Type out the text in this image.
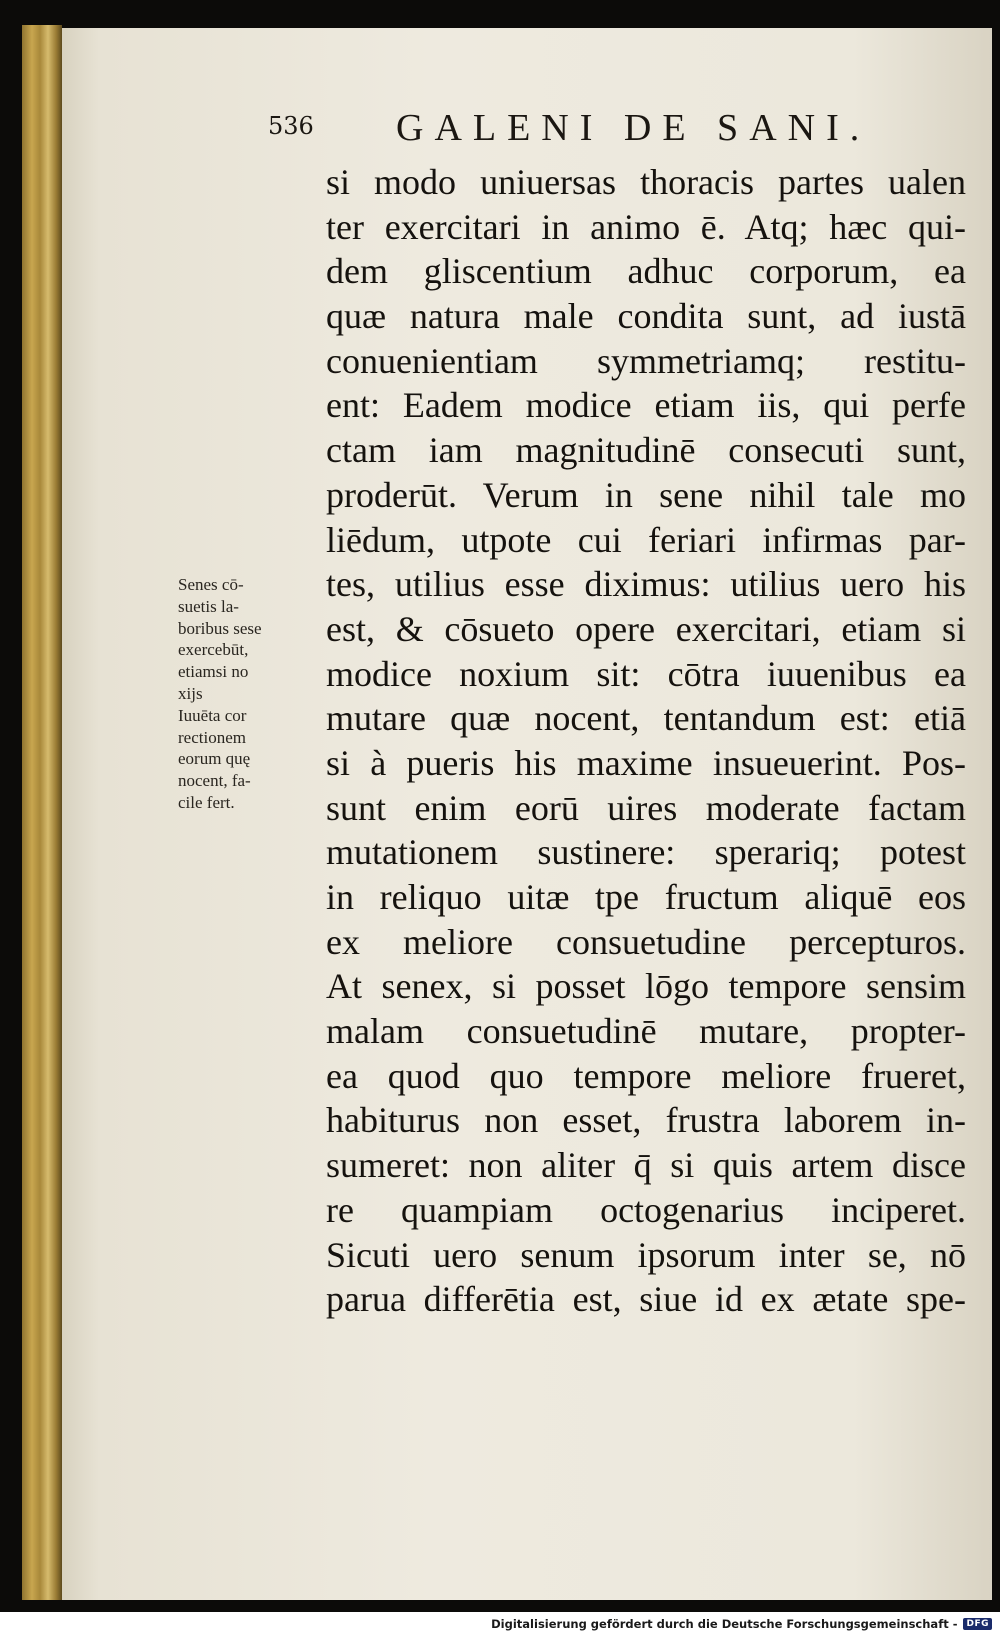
536 GALENI DE SANI.
Senes cō-
suetis la-
boribus sese
exercebūt,
etiamsi no
xijs
Iuuēta cor
rectionem
eorum quę
nocent, fa-
cile fert.
si modo uniuersas thoracis partes ualen
ter exercitari in animo ē. Atq; hæc qui-
dem gliscentium adhuc corporum, ea
quæ natura male condita sunt, ad iustā
conuenientiam symmetriamq; restitu-
ent: Eadem modice etiam iis, qui perfe
ctam iam magnitudinē consecuti sunt,
proderūt. Verum in sene nihil tale mo
liēdum, utpote cui feriari infirmas par-
tes, utilius esse diximus: utilius uero his
est, & cōsueto opere exercitari, etiam si
modice noxium sit: cōtra iuuenibus ea
mutare quæ nocent, tentandum est: etiā
si à pueris his maxime insueuerint. Pos-
sunt enim eorū uires moderate factam
mutationem sustinere: sperariq; potest
in reliquo uitæ tpe fructum aliquē eos
ex meliore consuetudine percepturos.
At senex, si posset lōgo tempore sensim
malam consuetudinē mutare, propter-
ea quod quo tempore meliore frueret,
habiturus non esset, frustra laborem in-
sumeret: non aliter q̄ si quis artem disce
re quampiam octogenarius inciperet.
Sicuti uero senum ipsorum inter se, nō
parua differētia est, siue id ex ætate spe-
Digitalisierung gefördert durch die Deutsche Forschungsgemeinschaft -	DFG
